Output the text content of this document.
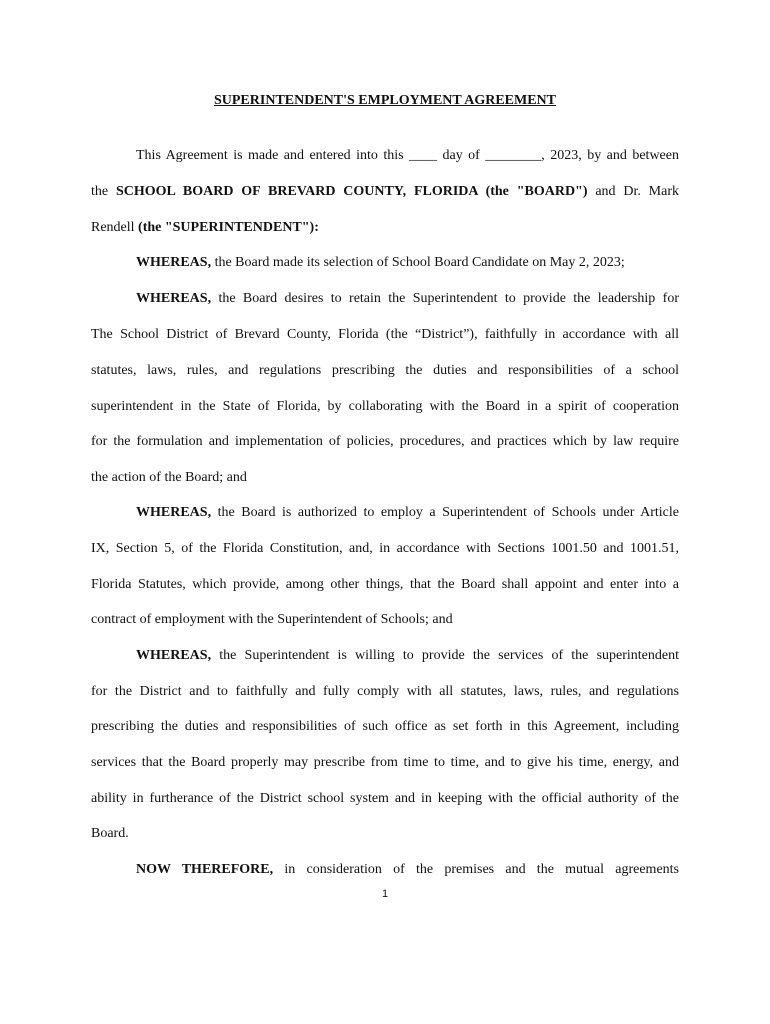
SUPERINTENDENT'S EMPLOYMENT AGREEMENT
This Agreement is made and entered into this ____ day of ________, 2023, by and between
the SCHOOL BOARD OF BREVARD COUNTY, FLORIDA (the "BOARD") and Dr. Mark
Rendell (the "SUPERINTENDENT"):
WHEREAS, the Board made its selection of School Board Candidate on May 2, 2023;
WHEREAS, the Board desires to retain the Superintendent to provide the leadership for
The School District of Brevard County, Florida (the “District”), faithfully in accordance with all
statutes, laws, rules, and regulations prescribing the duties and responsibilities of a school
superintendent in the State of Florida, by collaborating with the Board in a spirit of cooperation
for the formulation and implementation of policies, procedures, and practices which by law require
the action of the Board; and
WHEREAS, the Board is authorized to employ a Superintendent of Schools under Article
IX, Section 5, of the Florida Constitution, and, in accordance with Sections 1001.50 and 1001.51,
Florida Statutes, which provide, among other things, that the Board shall appoint and enter into a
contract of employment with the Superintendent of Schools; and
WHEREAS, the Superintendent is willing to provide the services of the superintendent
for the District and to faithfully and fully comply with all statutes, laws, rules, and regulations
prescribing the duties and responsibilities of such office as set forth in this Agreement, including
services that the Board properly may prescribe from time to time, and to give his time, energy, and
ability in furtherance of the District school system and in keeping with the official authority of the
Board.
NOW THEREFORE, in consideration of the premises and the mutual agreements
1
